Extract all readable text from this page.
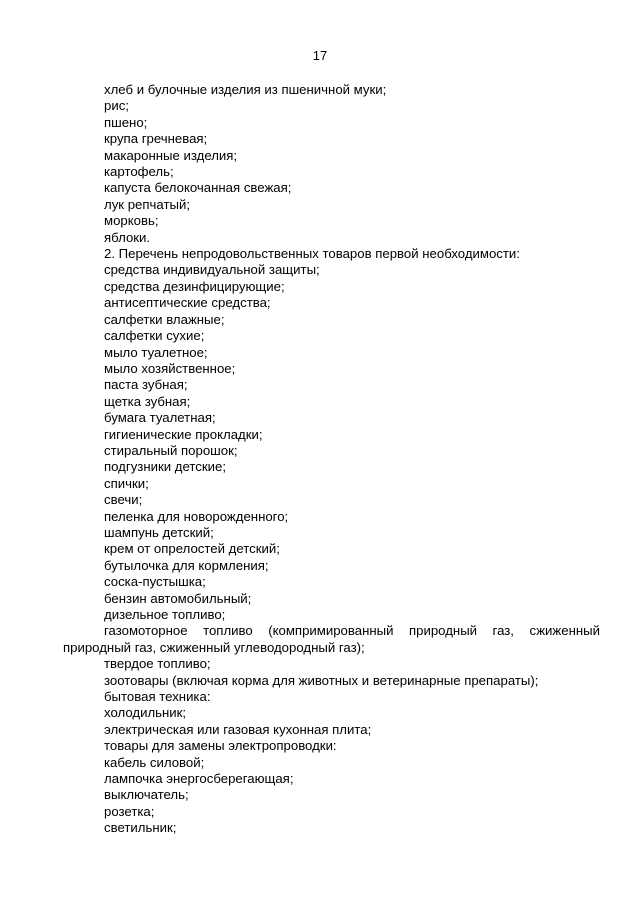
17

хлеб и булочные изделия из пшеничной муки;

рис;

пшено;

крупа гречневая;

макаронные изделия;

картофель;

капуста белокочанная свежая;

лук репчатый;

морковь;

яблоки.

2. Перечень непродовольственных товаров первой необходимости:

средства индивидуальной защиты;

средства дезинфицирующие;

антисептические средства;

салфетки влажные;

салфетки сухие;

мыло туалетное;

мыло хозяйственное;

паста зубная;

щетка зубная;

бумага туалетная;

гигиенические прокладки;

стиральный порошок;

подгузники детские;

спички;

свечи;

пеленка для новорожденного;

шампунь детский;

крем от опрелостей детский;

бутылочка для кормления;

соска-пустышка;

бензин автомобильный;

дизельное топливо;

газомоторное топливо (компримированный природный газ, сжиженный природный газ, сжиженный углеводородный газ);

твердое топливо;

зоотовары (включая корма для животных и ветеринарные препараты);

бытовая техника:

холодильник;

электрическая или газовая кухонная плита;

товары для замены электропроводки:

кабель силовой;

лампочка энергосберегающая;

выключатель;

розетка;

светильник;
